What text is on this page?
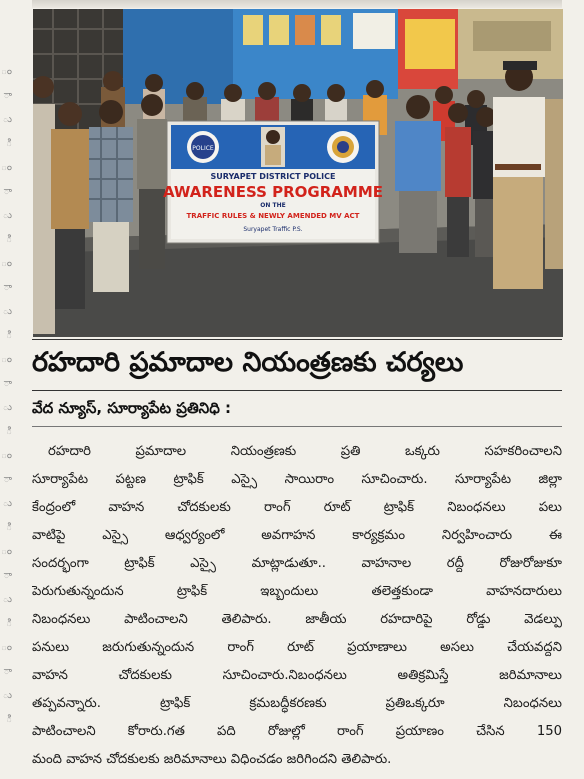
ం
ా
ు
ి
ం
ా
ు
ి
ం
ా
ు
ి
ం
ా
ు
ి
ం
ా
ు
ి
ం
ా
ు
ి
ం
ా
ు
ి
POLICE
SURYAPET DISTRICT POLICE
AWARENESS PROGRAMME
ON THE
TRAFFIC RULES & NEWLY AMENDED MV ACT
Suryapet Traffic P.S.
రహదారి ప్రమాదాల నియంత్రణకు చర్యలు
వేద న్యూస్, సూర్యాపేట ప్రతినిధి :
రహదారి ప్రమాదాల నియంత్రణకు ప్రతి ఒక్కరు సహకరించాలని
సూర్యాపేట పట్టణ ట్రాఫిక్ ఎస్సై సాయిరాం సూచించారు. సూర్యాపేట జిల్లా
కేంద్రంలో వాహన చోదకులకు రాంగ్ రూట్ ట్రాఫిక్ నిబంధనలు పలు
వాటిపై ఎస్సై ఆధ్వర్యంలో అవగాహన కార్యక్రమం నిర్వహించారు ఈ
సందర్భంగా ట్రాఫిక్ ఎస్సై మాట్లాడుతూ.. వాహనాల రద్దీ రోజురోజుకూ
పెరుగుతున్నందున ట్రాఫిక్ ఇబ్బందులు తలెత్తకుండా వాహనదారులు
నిబంధనలు పాటించాలని తెలిపారు. జాతీయ రహదారిపై రోడ్డు వెడల్పు
పనులు జరుగుతున్నందున రాంగ్ రూట్ ప్రయాణాలు అసలు చేయవద్దని
వాహన చోదకులకు సూచించారు.నిబంధనలు అతిక్రమిస్తే జరిమానాలు
తప్పవన్నారు. ట్రాఫిక్ క్రమబద్ధీకరణకు ప్రతిఒక్కరూ నిబంధనలు
పాటించాలని కోరారు.గత పది రోజుల్లో రాంగ్ ప్రయాణం చేసిన 150
మంది వాహన చోదకులకు జరిమానాలు విధించడం జరిగిందని తెలిపారు.
